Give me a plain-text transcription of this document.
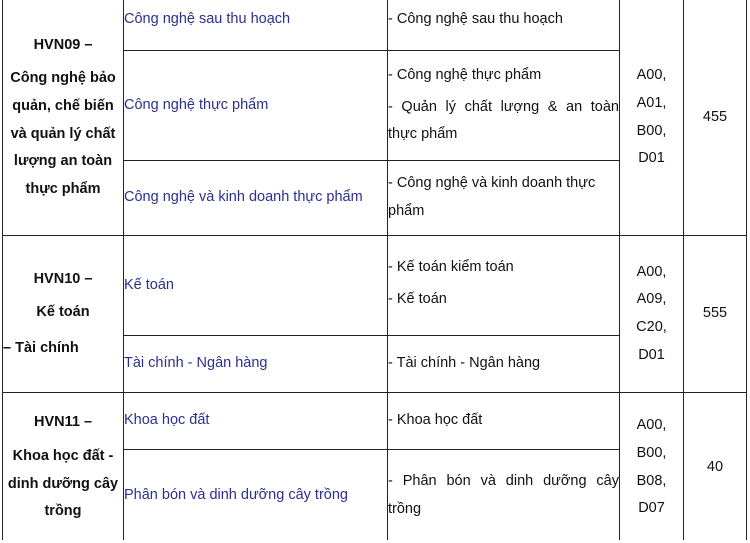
HVN09 –
Công nghệ bảo quản, chế biến và quản lý chất lượng an toàn thực phẩm	Công nghệ sau thu hoạch	- Công nghệ sau thu hoạch	A00,
A01,
B00,
D01	455
	Công nghệ thực phẩm	- Công nghệ thực phẩm
- Quản lý chất lượng & an toàn thực phẩm		

	Công nghệ và kinh doanh thực phẩm	- Công nghệ và kinh doanh thực phẩm		

HVN10 –
Kế toán
– Tài chính	Kế toán	- Kế toán kiểm toán
- Kế toán	A00,
A09,
C20,
D01	555
	Tài chính - Ngân hàng	- Tài chính - Ngân hàng		

HVN11 –
Khoa học đất - dinh dưỡng cây trồng	Khoa học đất	- Khoa học đất	A00,
B00,
B08,
D07	40
	Phân bón và dinh dưỡng cây trồng	- Phân bón và dinh dưỡng cây trồng		
